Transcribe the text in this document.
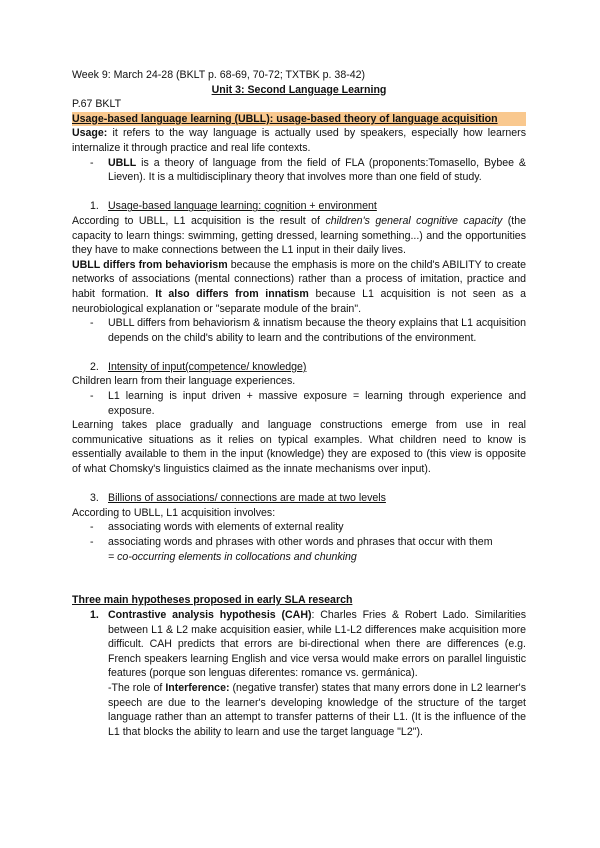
Week 9: March 24-28 (BKLT p. 68-69, 70-72; TXTBK p. 38-42)

Unit 3: Second Language Learning

P.67 BKLT

Usage-based language learning (UBLL): usage-based theory of language acquisition

Usage: it refers to the way language is actually used by speakers, especially how learners internalize it through practice and real life contexts.

- UBLL is a theory of language from the field of FLA (proponents:Tomasello, Bybee & Lieven). It is a multidisciplinary theory that involves more than one field of study.

1. Usage-based language learning: cognition + environment

According to UBLL, L1 acquisition is the result of children's general cognitive capacity (the capacity to learn things: swimming, getting dressed, learning something...) and the opportunities they have to make connections between the L1 input in their daily lives.

UBLL differs from behaviorism because the emphasis is more on the child's ABILITY to create networks of associations (mental connections) rather than a process of imitation, practice and habit formation. It also differs from innatism because L1 acquisition is not seen as a neurobiological explanation or "separate module of the brain".

- UBLL differs from behaviorism & innatism because the theory explains that L1 acquisition depends on the child's ability to learn and the contributions of the environment.

2. Intensity of input(competence/ knowledge)

Children learn from their language experiences.

- L1 learning is input driven + massive exposure = learning through experience and exposure.

Learning takes place gradually and language constructions emerge from use in real communicative situations as it relies on typical examples. What children need to know is essentially available to them in the input (knowledge) they are exposed to (this view is opposite of what Chomsky's linguistics claimed as the innate mechanisms over input).

3. Billions of associations/ connections are made at two levels

According to UBLL, L1 acquisition involves:

- associating words with elements of external reality
- associating words and phrases with other words and phrases that occur with them

= co-occurring elements in collocations and chunking

Three main hypotheses proposed in early SLA research

1. Contrastive analysis hypothesis (CAH): Charles Fries & Robert Lado. Similarities between L1 & L2 make acquisition easier, while L1-L2 differences make acquisition more difficult. CAH predicts that errors are bi-directional when there are differences (e.g. French speakers learning English and vice versa would make errors on parallel linguistic features (porque son lenguas diferentes: romance vs. germánica).

-The role of Interference: (negative transfer) states that many errors done in L2 learner's speech are due to the learner's developing knowledge of the structure of the target language rather than an attempt to transfer patterns of their L1. (It is the influence of the L1 that blocks the ability to learn and use the target language "L2").
